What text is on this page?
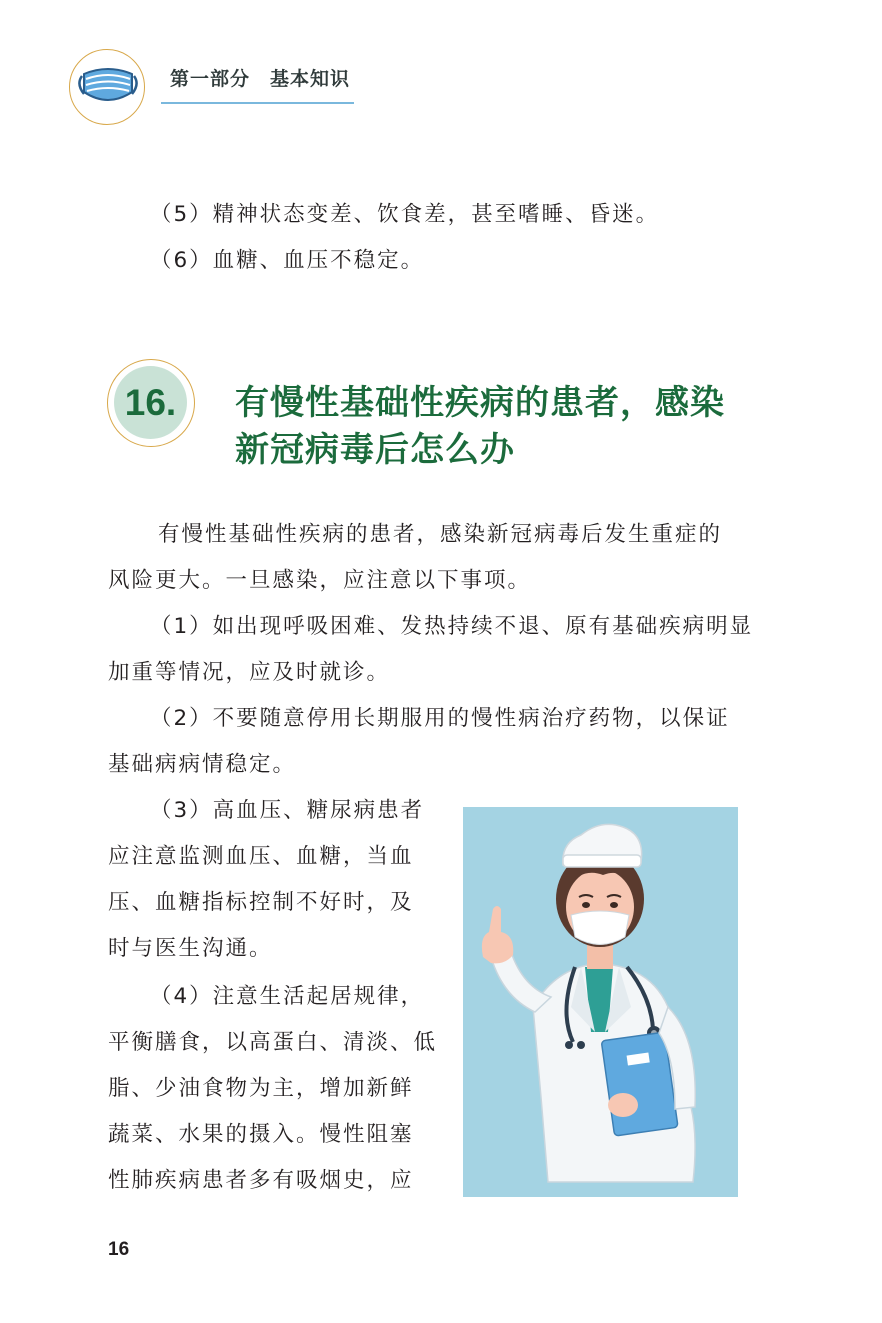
第一部分　基本知识
（5）精神状态变差、饮食差，甚至嗜睡、昏迷。
（6）血糖、血压不稳定。
16.	有慢性基础性疾病的患者，感染
新冠病毒后怎么办
有慢性基础性疾病的患者，感染新冠病毒后发生重症的
风险更大。一旦感染，应注意以下事项。
（1）如出现呼吸困难、发热持续不退、原有基础疾病明显
加重等情况，应及时就诊。
（2）不要随意停用长期服用的慢性病治疗药物，以保证
基础病病情稳定。
（3）高血压、糖尿病患者
应注意监测血压、血糖，当血
压、血糖指标控制不好时，及
时与医生沟通。
（4）注意生活起居规律，
平衡膳食，以高蛋白、清淡、低
脂、少油食物为主，增加新鲜
蔬菜、水果的摄入。慢性阻塞
性肺疾病患者多有吸烟史，应
16
